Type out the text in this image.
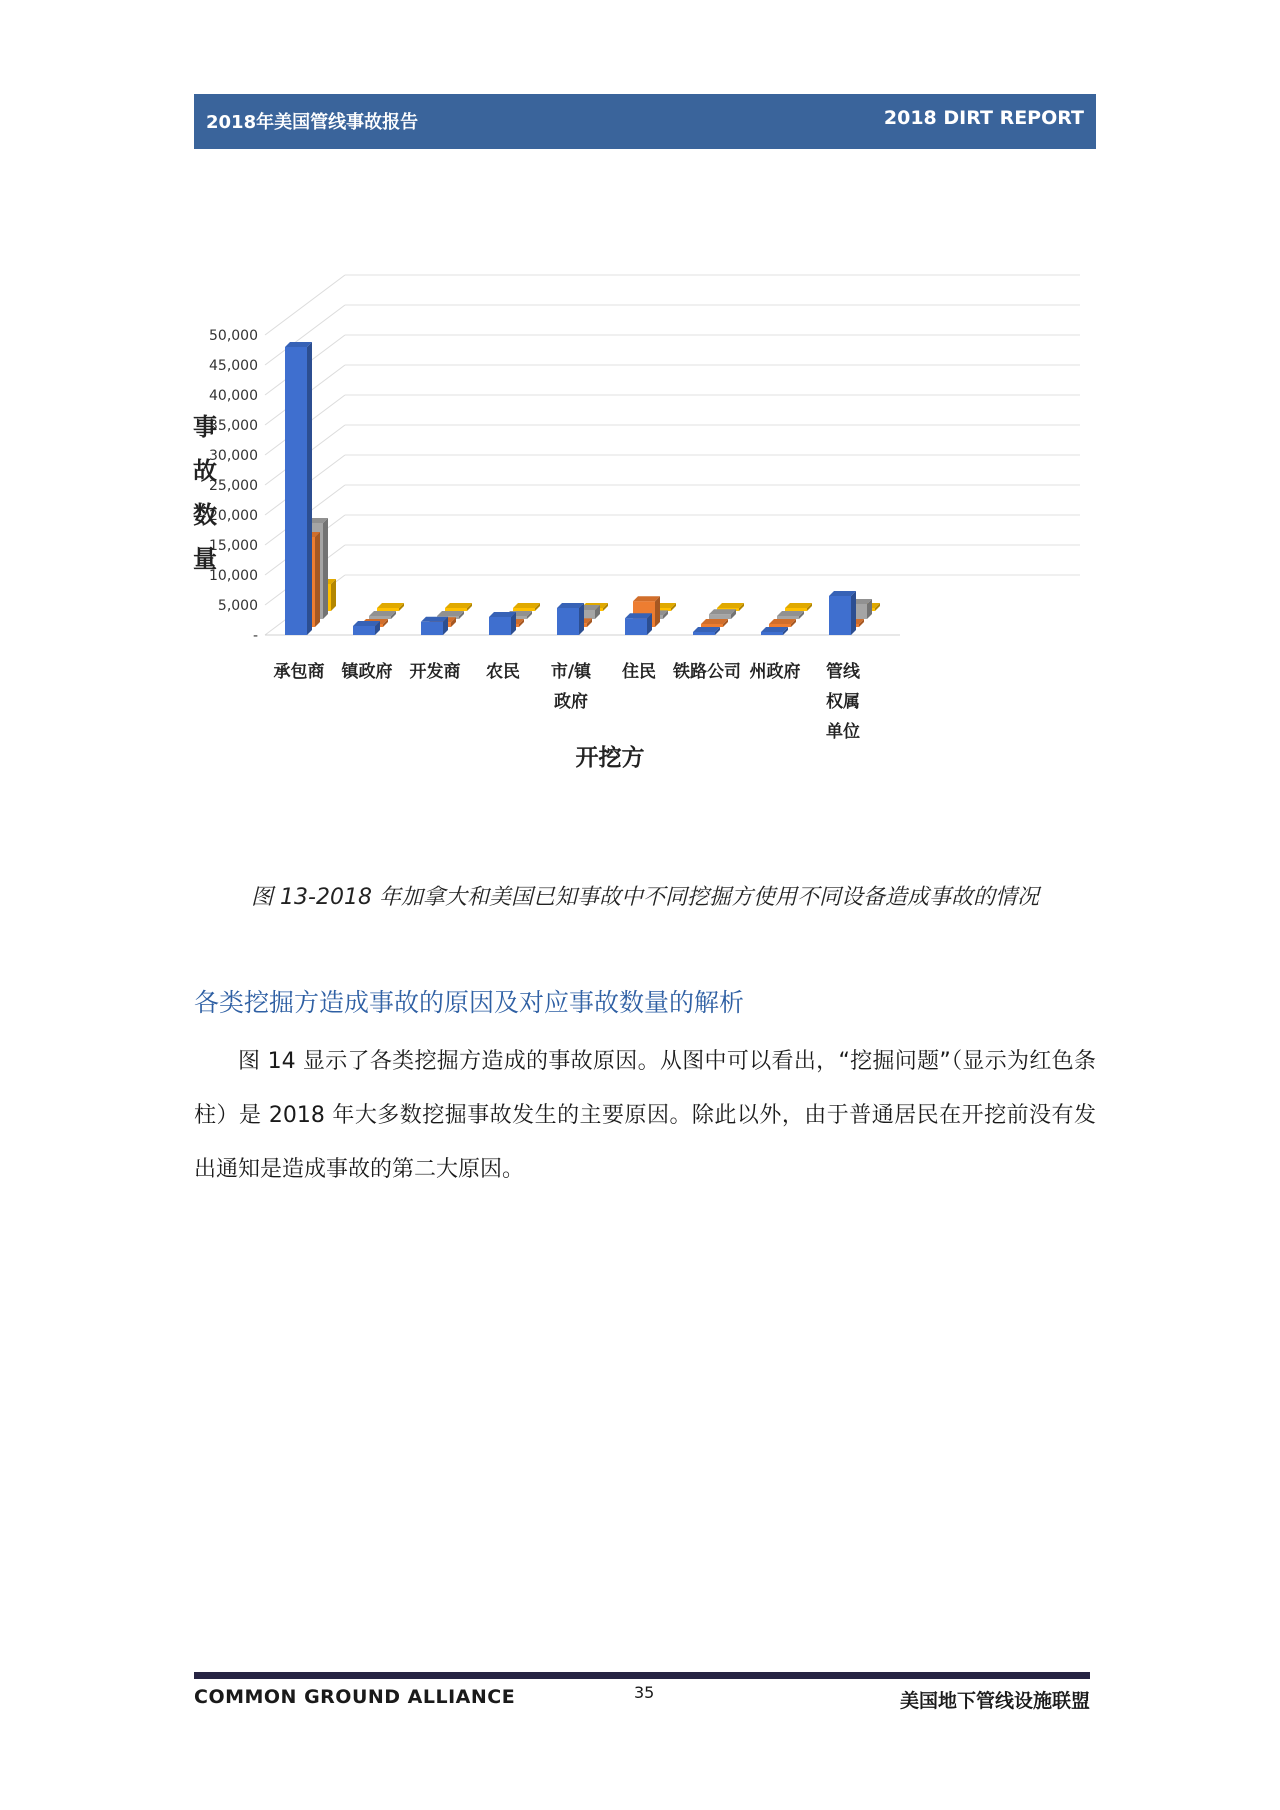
2018年美国管线事故报告	2018 DIRT REPORT
-
5,000
10,000
15,000
20,000
25,000
30,000
35,000
40,000
45,000
50,000
承包商 镇政府 开发商 农民 市/镇政府
住民 铁路公司 州政府 管线权属单位
事故数量
开挖方
图 13-2018 年加拿大和美国已知事故中不同挖掘方使用不同设备造成事故的情况
各类挖掘方造成事故的原因及对应事故数量的解析
图 14 显示了各类挖掘方造成的事故原因。从图中可以看出，“挖掘问题”（显示为红色条柱）是 2018 年大多数挖掘事故发生的主要原因。除此以外，由于普通居民在开挖前没有发出通知是造成事故的第二大原因。
COMMON GROUND ALLIANCE	35	美国地下管线设施联盟
